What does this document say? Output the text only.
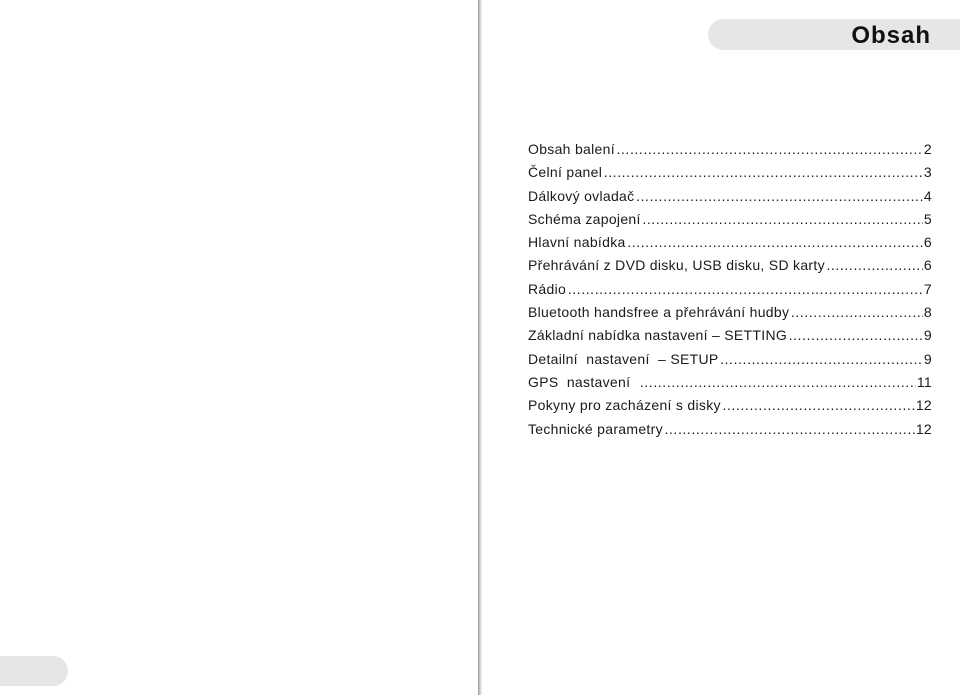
Obsah
Obsah balení ……………………………………………………………………………………………………………………………	2
Čelní panel ……………………………………………………………………………………………………………………………	3
Dálkový ovladač ……………………………………………………………………………………………………………………………	4
Schéma zapojení ……………………………………………………………………………………………………………………………	5
Hlavní nabídka ……………………………………………………………………………………………………………………………	6
Přehrávání z DVD disku, USB disku, SD karty ……………………………………………………………………………………………………………………………	6
Rádio ……………………………………………………………………………………………………………………………	7
Bluetooth handsfree a přehrávání hudby ……………………………………………………………………………………………………………………………	8
Základní nabídka nastavení – SETTING ……………………………………………………………………………………………………………………………	9
Detailní  nastavení  – SETUP ……………………………………………………………………………………………………………………………	9
GPS  nastavení ……………………………………………………………………………………………………………………………	11
Pokyny pro zacházení s disky ……………………………………………………………………………………………………………………………	12
Technické parametry ……………………………………………………………………………………………………………………………	12
